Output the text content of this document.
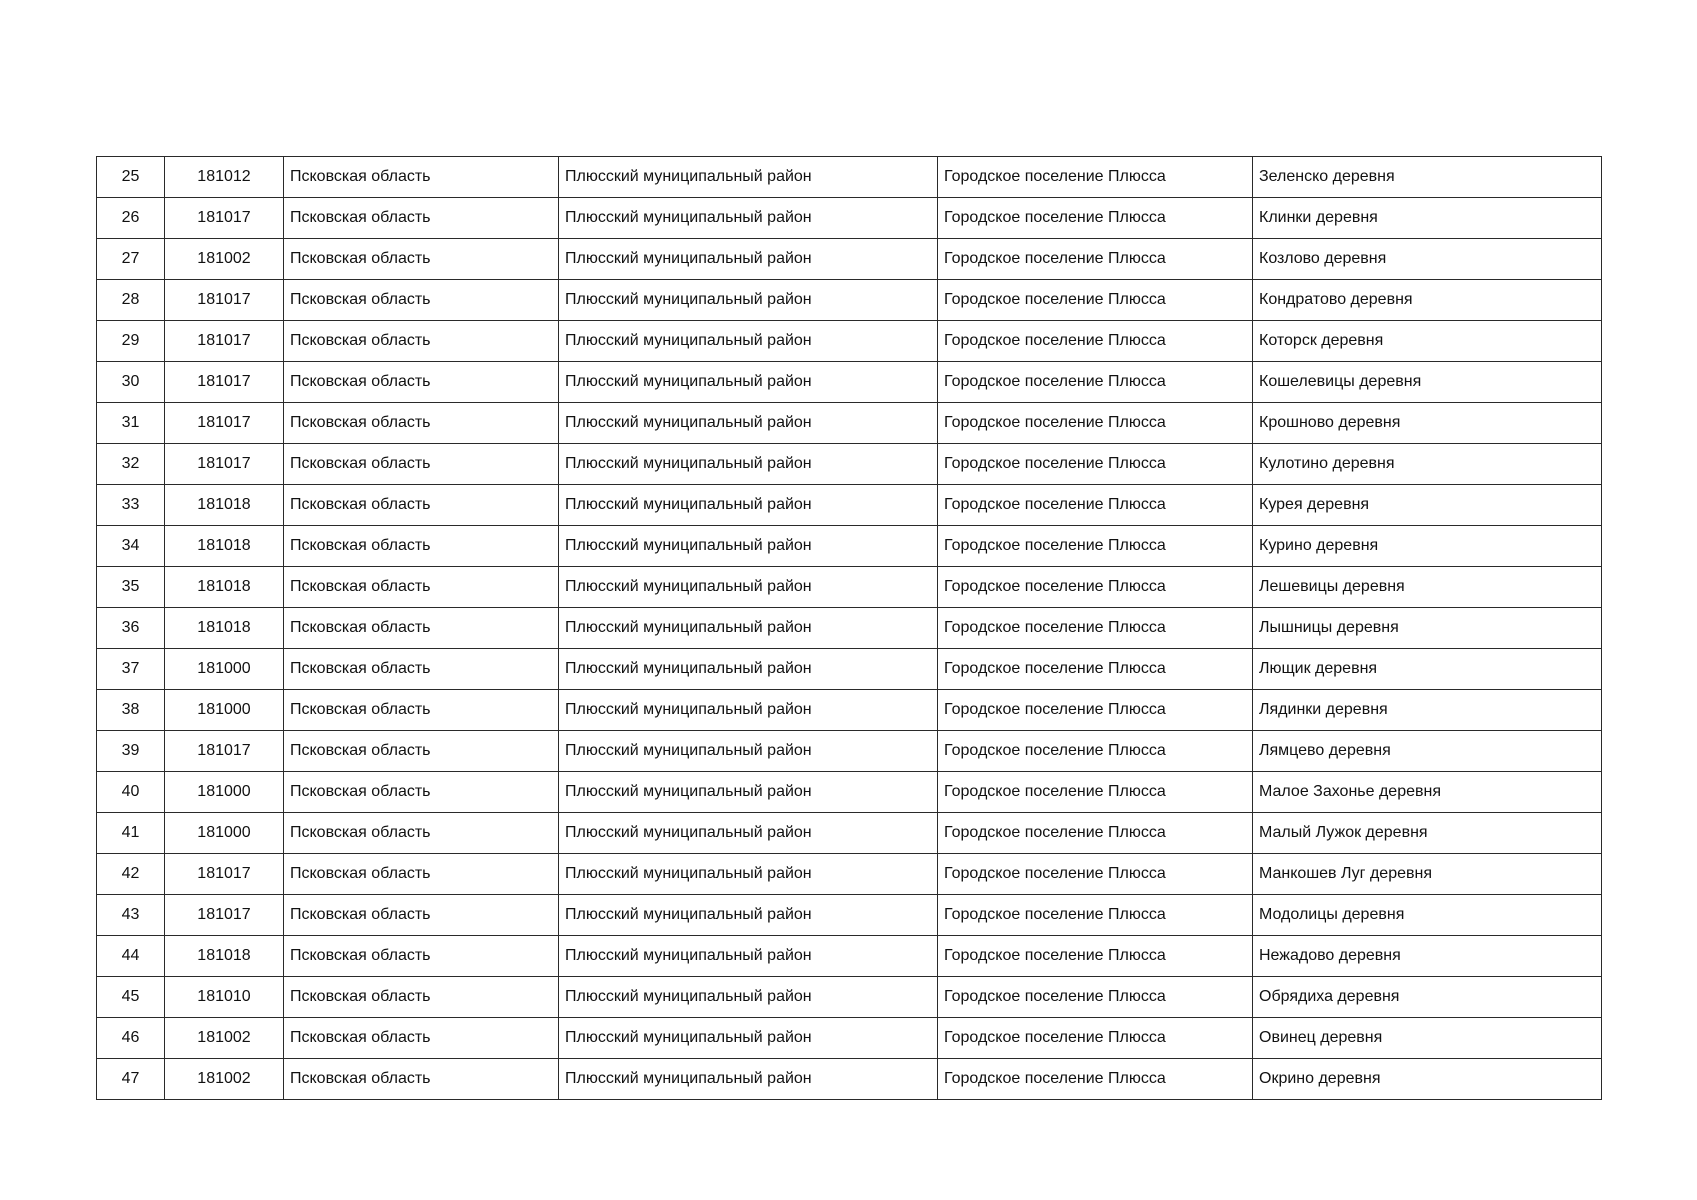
25	181012	Псковская область	Плюсский муниципальный район	Городское поселение Плюсса	Зеленско деревня
26	181017	Псковская область	Плюсский муниципальный район	Городское поселение Плюсса	Клинки деревня
27	181002	Псковская область	Плюсский муниципальный район	Городское поселение Плюсса	Козлово деревня
28	181017	Псковская область	Плюсский муниципальный район	Городское поселение Плюсса	Кондратово деревня
29	181017	Псковская область	Плюсский муниципальный район	Городское поселение Плюсса	Которск деревня
30	181017	Псковская область	Плюсский муниципальный район	Городское поселение Плюсса	Кошелевицы деревня
31	181017	Псковская область	Плюсский муниципальный район	Городское поселение Плюсса	Крошново деревня
32	181017	Псковская область	Плюсский муниципальный район	Городское поселение Плюсса	Кулотино деревня
33	181018	Псковская область	Плюсский муниципальный район	Городское поселение Плюсса	Курея деревня
34	181018	Псковская область	Плюсский муниципальный район	Городское поселение Плюсса	Курино деревня
35	181018	Псковская область	Плюсский муниципальный район	Городское поселение Плюсса	Лешевицы деревня
36	181018	Псковская область	Плюсский муниципальный район	Городское поселение Плюсса	Лышницы деревня
37	181000	Псковская область	Плюсский муниципальный район	Городское поселение Плюсса	Лющик деревня
38	181000	Псковская область	Плюсский муниципальный район	Городское поселение Плюсса	Лядинки деревня
39	181017	Псковская область	Плюсский муниципальный район	Городское поселение Плюсса	Лямцево деревня
40	181000	Псковская область	Плюсский муниципальный район	Городское поселение Плюсса	Малое Захонье деревня
41	181000	Псковская область	Плюсский муниципальный район	Городское поселение Плюсса	Малый Лужок деревня
42	181017	Псковская область	Плюсский муниципальный район	Городское поселение Плюсса	Манкошев Луг деревня
43	181017	Псковская область	Плюсский муниципальный район	Городское поселение Плюсса	Модолицы деревня
44	181018	Псковская область	Плюсский муниципальный район	Городское поселение Плюсса	Нежадово деревня
45	181010	Псковская область	Плюсский муниципальный район	Городское поселение Плюсса	Обрядиха деревня
46	181002	Псковская область	Плюсский муниципальный район	Городское поселение Плюсса	Овинец деревня
47	181002	Псковская область	Плюсский муниципальный район	Городское поселение Плюсса	Окрино деревня
